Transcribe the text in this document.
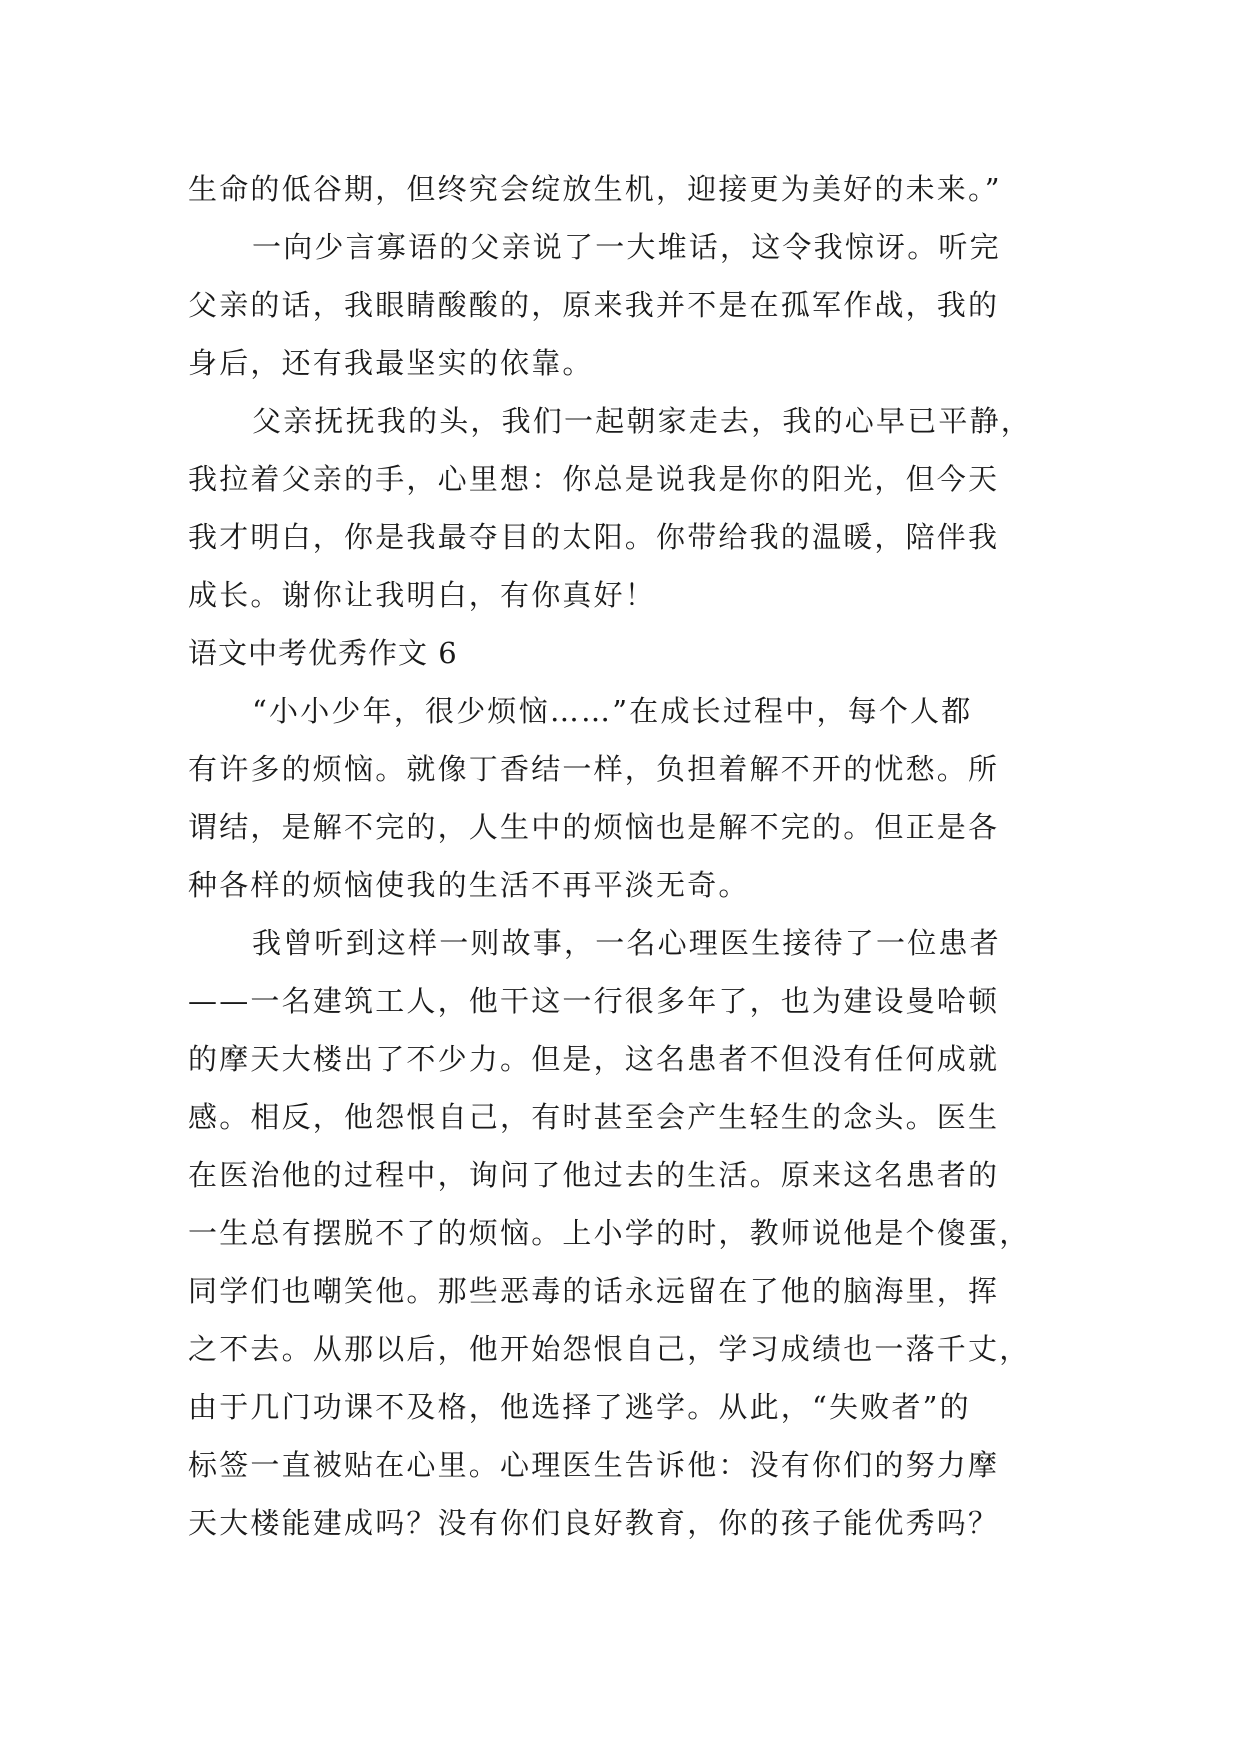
生命的低谷期，但终究会绽放生机，迎接更为美好的未来。”
一向少言寡语的父亲说了一大堆话，这令我惊讶。听完
父亲的话，我眼睛酸酸的，原来我并不是在孤军作战，我的
身后，还有我最坚实的依靠。
父亲抚抚我的头，我们一起朝家走去，我的心早已平静，
我拉着父亲的手，心里想：你总是说我是你的阳光，但今天
我才明白，你是我最夺目的太阳。你带给我的温暖，陪伴我
成长。谢你让我明白，有你真好！
语文中考优秀作文 6
“小小少年，很少烦恼……”在成长过程中，每个人都
有许多的烦恼。就像丁香结一样，负担着解不开的忧愁。所
谓结，是解不完的，人生中的烦恼也是解不完的。但正是各
种各样的烦恼使我的生活不再平淡无奇。
我曾听到这样一则故事，一名心理医生接待了一位患者
——一名建筑工人，他干这一行很多年了，也为建设曼哈顿
的摩天大楼出了不少力。但是，这名患者不但没有任何成就
感。相反，他怨恨自己，有时甚至会产生轻生的念头。医生
在医治他的过程中，询问了他过去的生活。原来这名患者的
一生总有摆脱不了的烦恼。上小学的时，教师说他是个傻蛋，
同学们也嘲笑他。那些恶毒的话永远留在了他的脑海里，挥
之不去。从那以后，他开始怨恨自己，学习成绩也一落千丈，
由于几门功课不及格，他选择了逃学。从此，“失败者”的
标签一直被贴在心里。心理医生告诉他：没有你们的努力摩
天大楼能建成吗？没有你们良好教育，你的孩子能优秀吗？
